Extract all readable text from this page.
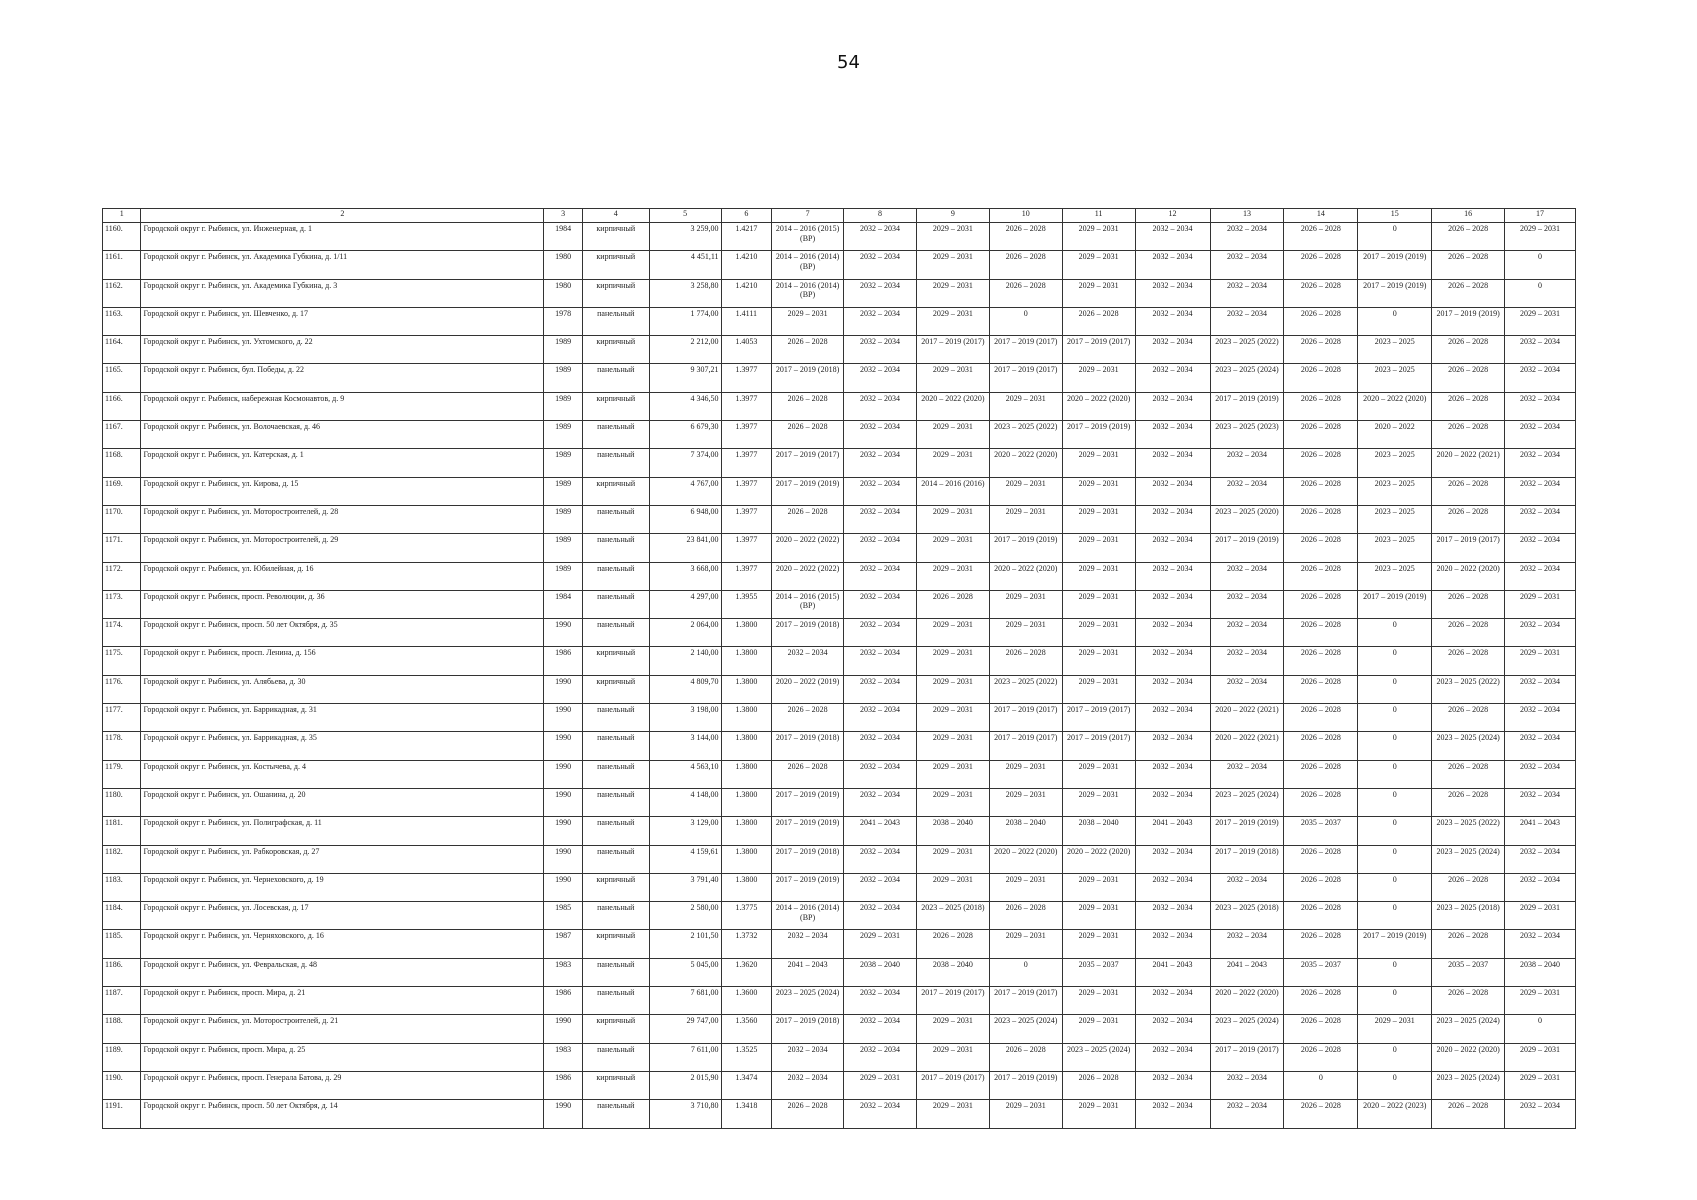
54
1	2	3	4	5	6	7	8	9	10	11	12	13	14	15	16	17
1160.	Городской округ г. Рыбинск, ул. Инженерная, д. 1	1984	кирпичный	3 259,00	1.4217	2014 – 2016 (2015) (ВР)	2032 – 2034	2029 – 2031	2026 – 2028	2029 – 2031	2032 – 2034	2032 – 2034	2026 – 2028	0	2026 – 2028	2029 – 2031
1161.	Городской округ г. Рыбинск, ул. Академика Губкина, д. 1/11	1980	кирпичный	4 451,11	1.4210	2014 – 2016 (2014) (ВР)	2032 – 2034	2029 – 2031	2026 – 2028	2029 – 2031	2032 – 2034	2032 – 2034	2026 – 2028	2017 – 2019 (2019)	2026 – 2028	0
1162.	Городской округ г. Рыбинск, ул. Академика Губкина, д. 3	1980	кирпичный	3 258,80	1.4210	2014 – 2016 (2014) (ВР)	2032 – 2034	2029 – 2031	2026 – 2028	2029 – 2031	2032 – 2034	2032 – 2034	2026 – 2028	2017 – 2019 (2019)	2026 – 2028	0
1163.	Городской округ г. Рыбинск, ул. Шевченко, д. 17	1978	панельный	1 774,00	1.4111	2029 – 2031	2032 – 2034	2029 – 2031	0	2026 – 2028	2032 – 2034	2032 – 2034	2026 – 2028	0	2017 – 2019 (2019)	2029 – 2031
1164.	Городской округ г. Рыбинск, ул. Ухтомского, д. 22	1989	кирпичный	2 212,00	1.4053	2026 – 2028	2032 – 2034	2017 – 2019 (2017)	2017 – 2019 (2017)	2017 – 2019 (2017)	2032 – 2034	2023 – 2025 (2022)	2026 – 2028	2023 – 2025	2026 – 2028	2032 – 2034
1165.	Городской округ г. Рыбинск, бул. Победы, д. 22	1989	панельный	9 307,21	1.3977	2017 – 2019 (2018)	2032 – 2034	2029 – 2031	2017 – 2019 (2017)	2029 – 2031	2032 – 2034	2023 – 2025 (2024)	2026 – 2028	2023 – 2025	2026 – 2028	2032 – 2034
1166.	Городской округ г. Рыбинск, набережная Космонавтов, д. 9	1989	кирпичный	4 346,50	1.3977	2026 – 2028	2032 – 2034	2020 – 2022 (2020)	2029 – 2031	2020 – 2022 (2020)	2032 – 2034	2017 – 2019 (2019)	2026 – 2028	2020 – 2022 (2020)	2026 – 2028	2032 – 2034
1167.	Городской округ г. Рыбинск, ул. Волочаевская, д. 46	1989	панельный	6 679,30	1.3977	2026 – 2028	2032 – 2034	2029 – 2031	2023 – 2025 (2022)	2017 – 2019 (2019)	2032 – 2034	2023 – 2025 (2023)	2026 – 2028	2020 – 2022	2026 – 2028	2032 – 2034
1168.	Городской округ г. Рыбинск, ул. Катерская, д. 1	1989	панельный	7 374,00	1.3977	2017 – 2019 (2017)	2032 – 2034	2029 – 2031	2020 – 2022 (2020)	2029 – 2031	2032 – 2034	2032 – 2034	2026 – 2028	2023 – 2025	2020 – 2022 (2021)	2032 – 2034
1169.	Городской округ г. Рыбинск, ул. Кирова, д. 15	1989	кирпичный	4 767,00	1.3977	2017 – 2019 (2019)	2032 – 2034	2014 – 2016 (2016)	2029 – 2031	2029 – 2031	2032 – 2034	2032 – 2034	2026 – 2028	2023 – 2025	2026 – 2028	2032 – 2034
1170.	Городской округ г. Рыбинск, ул. Моторостроителей, д. 28	1989	панельный	6 948,00	1.3977	2026 – 2028	2032 – 2034	2029 – 2031	2029 – 2031	2029 – 2031	2032 – 2034	2023 – 2025 (2020)	2026 – 2028	2023 – 2025	2026 – 2028	2032 – 2034
1171.	Городской округ г. Рыбинск, ул. Моторостроителей, д. 29	1989	панельный	23 841,00	1.3977	2020 – 2022 (2022)	2032 – 2034	2029 – 2031	2017 – 2019 (2019)	2029 – 2031	2032 – 2034	2017 – 2019 (2019)	2026 – 2028	2023 – 2025	2017 – 2019 (2017)	2032 – 2034
1172.	Городской округ г. Рыбинск, ул. Юбилейная, д. 16	1989	панельный	3 668,00	1.3977	2020 – 2022 (2022)	2032 – 2034	2029 – 2031	2020 – 2022 (2020)	2029 – 2031	2032 – 2034	2032 – 2034	2026 – 2028	2023 – 2025	2020 – 2022 (2020)	2032 – 2034
1173.	Городской округ г. Рыбинск, просп. Революции, д. 36	1984	панельный	4 297,00	1.3955	2014 – 2016 (2015) (ВР)	2032 – 2034	2026 – 2028	2029 – 2031	2029 – 2031	2032 – 2034	2032 – 2034	2026 – 2028	2017 – 2019 (2019)	2026 – 2028	2029 – 2031
1174.	Городской округ г. Рыбинск, просп. 50 лет Октября, д. 35	1990	панельный	2 064,00	1.3800	2017 – 2019 (2018)	2032 – 2034	2029 – 2031	2029 – 2031	2029 – 2031	2032 – 2034	2032 – 2034	2026 – 2028	0	2026 – 2028	2032 – 2034
1175.	Городской округ г. Рыбинск, просп. Ленина, д. 156	1986	кирпичный	2 140,00	1.3800	2032 – 2034	2032 – 2034	2029 – 2031	2026 – 2028	2029 – 2031	2032 – 2034	2032 – 2034	2026 – 2028	0	2026 – 2028	2029 – 2031
1176.	Городской округ г. Рыбинск, ул. Алябьева, д. 30	1990	кирпичный	4 809,70	1.3800	2020 – 2022 (2019)	2032 – 2034	2029 – 2031	2023 – 2025 (2022)	2029 – 2031	2032 – 2034	2032 – 2034	2026 – 2028	0	2023 – 2025 (2022)	2032 – 2034
1177.	Городской округ г. Рыбинск, ул. Баррикадная, д. 31	1990	панельный	3 198,00	1.3800	2026 – 2028	2032 – 2034	2029 – 2031	2017 – 2019 (2017)	2017 – 2019 (2017)	2032 – 2034	2020 – 2022 (2021)	2026 – 2028	0	2026 – 2028	2032 – 2034
1178.	Городской округ г. Рыбинск, ул. Баррикадная, д. 35	1990	панельный	3 144,00	1.3800	2017 – 2019 (2018)	2032 – 2034	2029 – 2031	2017 – 2019 (2017)	2017 – 2019 (2017)	2032 – 2034	2020 – 2022 (2021)	2026 – 2028	0	2023 – 2025 (2024)	2032 – 2034
1179.	Городской округ г. Рыбинск, ул. Костычева, д. 4	1990	панельный	4 563,10	1.3800	2026 – 2028	2032 – 2034	2029 – 2031	2029 – 2031	2029 – 2031	2032 – 2034	2032 – 2034	2026 – 2028	0	2026 – 2028	2032 – 2034
1180.	Городской округ г. Рыбинск, ул. Ошанина, д. 20	1990	панельный	4 148,00	1.3800	2017 – 2019 (2019)	2032 – 2034	2029 – 2031	2029 – 2031	2029 – 2031	2032 – 2034	2023 – 2025 (2024)	2026 – 2028	0	2026 – 2028	2032 – 2034
1181.	Городской округ г. Рыбинск, ул. Полиграфская, д. 11	1990	панельный	3 129,00	1.3800	2017 – 2019 (2019)	2041 – 2043	2038 – 2040	2038 – 2040	2038 – 2040	2041 – 2043	2017 – 2019 (2019)	2035 – 2037	0	2023 – 2025 (2022)	2041 – 2043
1182.	Городской округ г. Рыбинск, ул. Рабкоровская, д. 27	1990	панельный	4 159,61	1.3800	2017 – 2019 (2018)	2032 – 2034	2029 – 2031	2020 – 2022 (2020)	2020 – 2022 (2020)	2032 – 2034	2017 – 2019 (2018)	2026 – 2028	0	2023 – 2025 (2024)	2032 – 2034
1183.	Городской округ г. Рыбинск, ул. Чернеховского, д. 19	1990	кирпичный	3 791,40	1.3800	2017 – 2019 (2019)	2032 – 2034	2029 – 2031	2029 – 2031	2029 – 2031	2032 – 2034	2032 – 2034	2026 – 2028	0	2026 – 2028	2032 – 2034
1184.	Городской округ г. Рыбинск, ул. Лосевская, д. 17	1985	панельный	2 580,00	1.3775	2014 – 2016 (2014) (ВР)	2032 – 2034	2023 – 2025 (2018)	2026 – 2028	2029 – 2031	2032 – 2034	2023 – 2025 (2018)	2026 – 2028	0	2023 – 2025 (2018)	2029 – 2031
1185.	Городской округ г. Рыбинск, ул. Черняховского, д. 16	1987	кирпичный	2 101,50	1.3732	2032 – 2034	2029 – 2031	2026 – 2028	2029 – 2031	2029 – 2031	2032 – 2034	2032 – 2034	2026 – 2028	2017 – 2019 (2019)	2026 – 2028	2032 – 2034
1186.	Городской округ г. Рыбинск, ул. Февральская, д. 48	1983	панельный	5 045,00	1.3620	2041 – 2043	2038 – 2040	2038 – 2040	0	2035 – 2037	2041 – 2043	2041 – 2043	2035 – 2037	0	2035 – 2037	2038 – 2040
1187.	Городской округ г. Рыбинск, просп. Мира, д. 21	1986	панельный	7 681,00	1.3600	2023 – 2025 (2024)	2032 – 2034	2017 – 2019 (2017)	2017 – 2019 (2017)	2029 – 2031	2032 – 2034	2020 – 2022 (2020)	2026 – 2028	0	2026 – 2028	2029 – 2031
1188.	Городской округ г. Рыбинск, ул. Моторостроителей, д. 21	1990	кирпичный	29 747,00	1.3560	2017 – 2019 (2018)	2032 – 2034	2029 – 2031	2023 – 2025 (2024)	2029 – 2031	2032 – 2034	2023 – 2025 (2024)	2026 – 2028	2029 – 2031	2023 – 2025 (2024)	0
1189.	Городской округ г. Рыбинск, просп. Мира, д. 25	1983	панельный	7 611,00	1.3525	2032 – 2034	2032 – 2034	2029 – 2031	2026 – 2028	2023 – 2025 (2024)	2032 – 2034	2017 – 2019 (2017)	2026 – 2028	0	2020 – 2022 (2020)	2029 – 2031
1190.	Городской округ г. Рыбинск, просп. Генерала Батова, д. 29	1986	кирпичный	2 015,90	1.3474	2032 – 2034	2029 – 2031	2017 – 2019 (2017)	2017 – 2019 (2019)	2026 – 2028	2032 – 2034	2032 – 2034	0	0	2023 – 2025 (2024)	2029 – 2031
1191.	Городской округ г. Рыбинск, просп. 50 лет Октября, д. 14	1990	панельный	3 710,80	1.3418	2026 – 2028	2032 – 2034	2029 – 2031	2029 – 2031	2029 – 2031	2032 – 2034	2032 – 2034	2026 – 2028	2020 – 2022 (2023)	2026 – 2028	2032 – 2034
